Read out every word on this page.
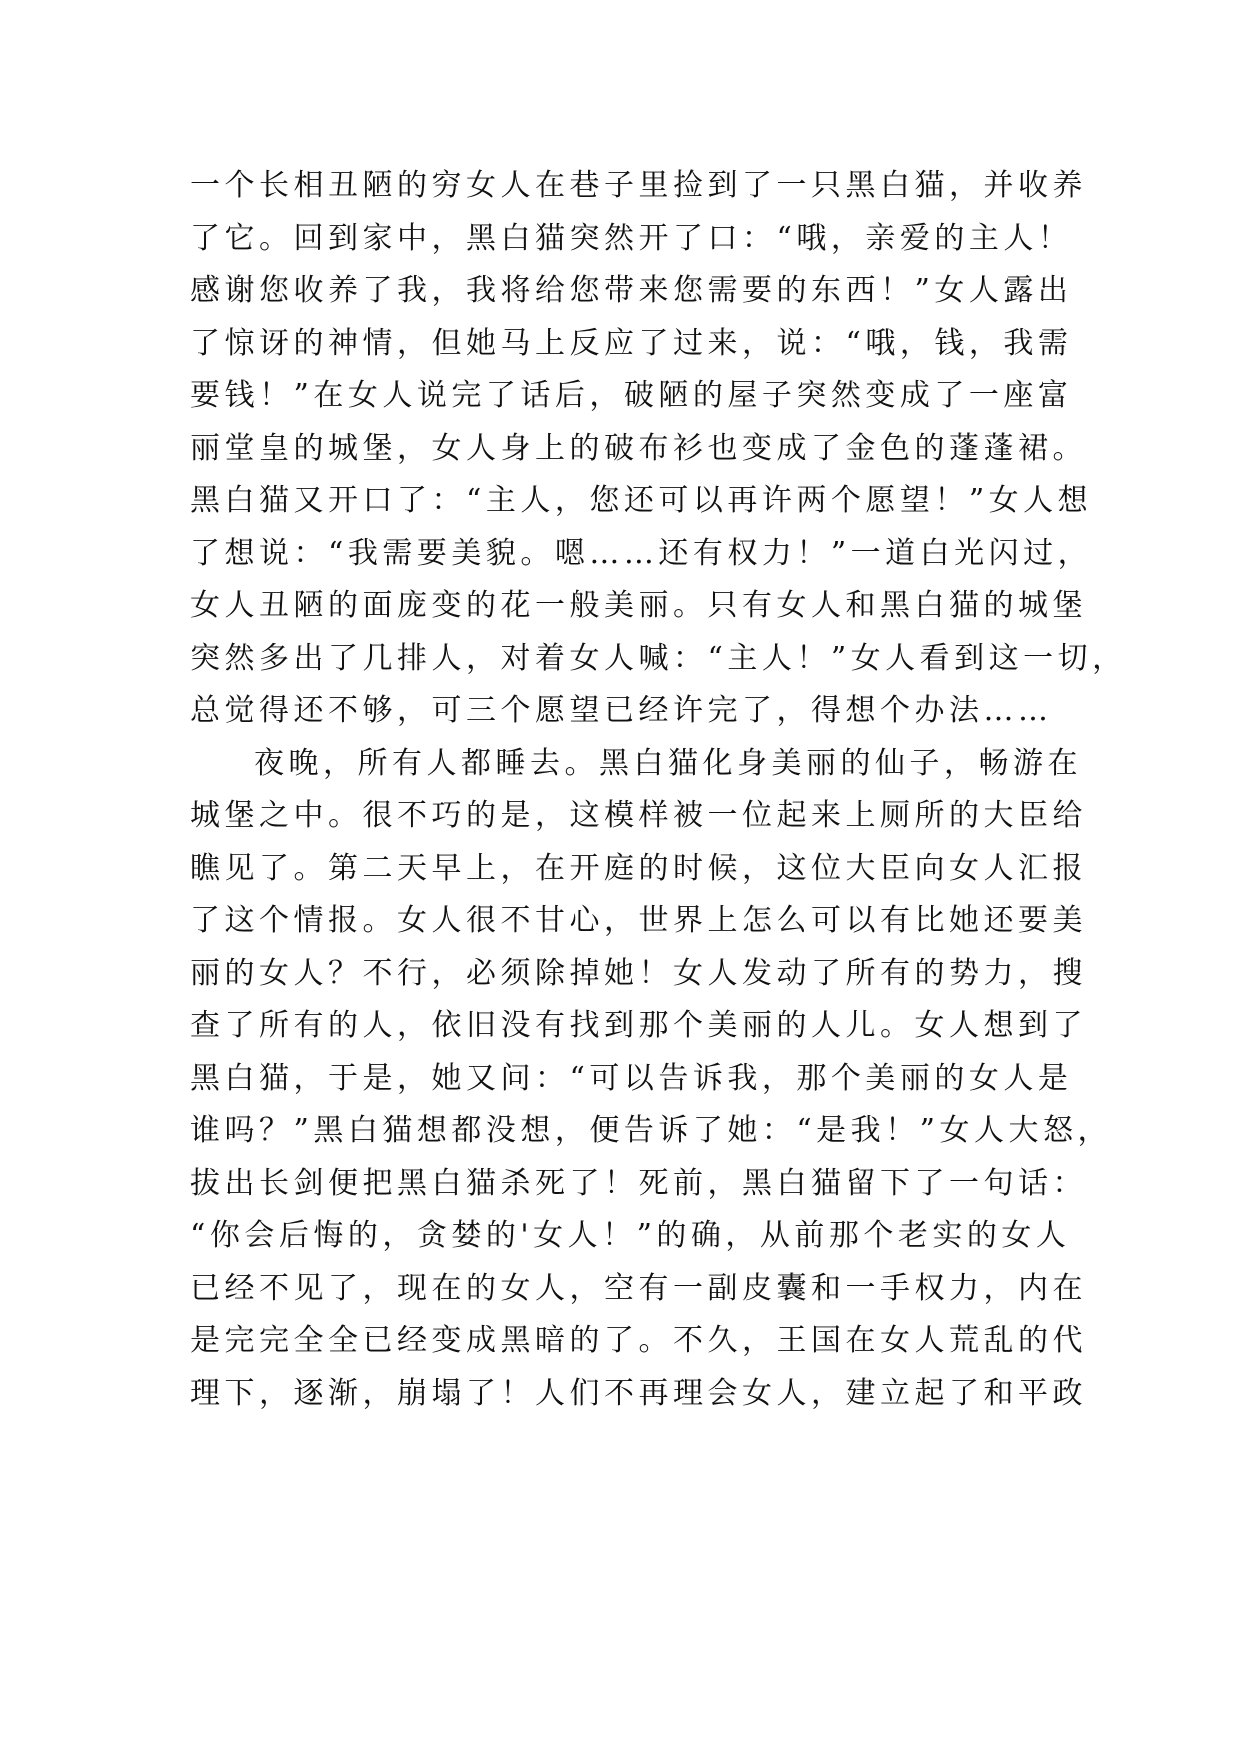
一个长相丑陋的穷女人在巷子里捡到了一只黑白猫，并收养
了它。回到家中，黑白猫突然开了口：“哦，亲爱的主人！
感谢您收养了我，我将给您带来您需要的东西！”女人露出
了惊讶的神情，但她马上反应了过来，说：“哦，钱，我需
要钱！”在女人说完了话后，破陋的屋子突然变成了一座富
丽堂皇的城堡，女人身上的破布衫也变成了金色的蓬蓬裙。
黑白猫又开口了：“主人，您还可以再许两个愿望！”女人想
了想说：“我需要美貌。嗯……还有权力！”一道白光闪过，
女人丑陋的面庞变的花一般美丽。只有女人和黑白猫的城堡
突然多出了几排人，对着女人喊：“主人！”女人看到这一切，
总觉得还不够，可三个愿望已经许完了，得想个办法……
夜晚，所有人都睡去。黑白猫化身美丽的仙子，畅游在
城堡之中。很不巧的是，这模样被一位起来上厕所的大臣给
瞧见了。第二天早上，在开庭的时候，这位大臣向女人汇报
了这个情报。女人很不甘心，世界上怎么可以有比她还要美
丽的女人？不行，必须除掉她！女人发动了所有的势力，搜
查了所有的人，依旧没有找到那个美丽的人儿。女人想到了
黑白猫，于是，她又问：“可以告诉我，那个美丽的女人是
谁吗？”黑白猫想都没想，便告诉了她：“是我！”女人大怒，
拔出长剑便把黑白猫杀死了！死前，黑白猫留下了一句话：
“你会后悔的，贪婪的'女人！”的确，从前那个老实的女人
已经不见了，现在的女人，空有一副皮囊和一手权力，内在
是完完全全已经变成黑暗的了。不久，王国在女人荒乱的代
理下，逐渐，崩塌了！人们不再理会女人，建立起了和平政
